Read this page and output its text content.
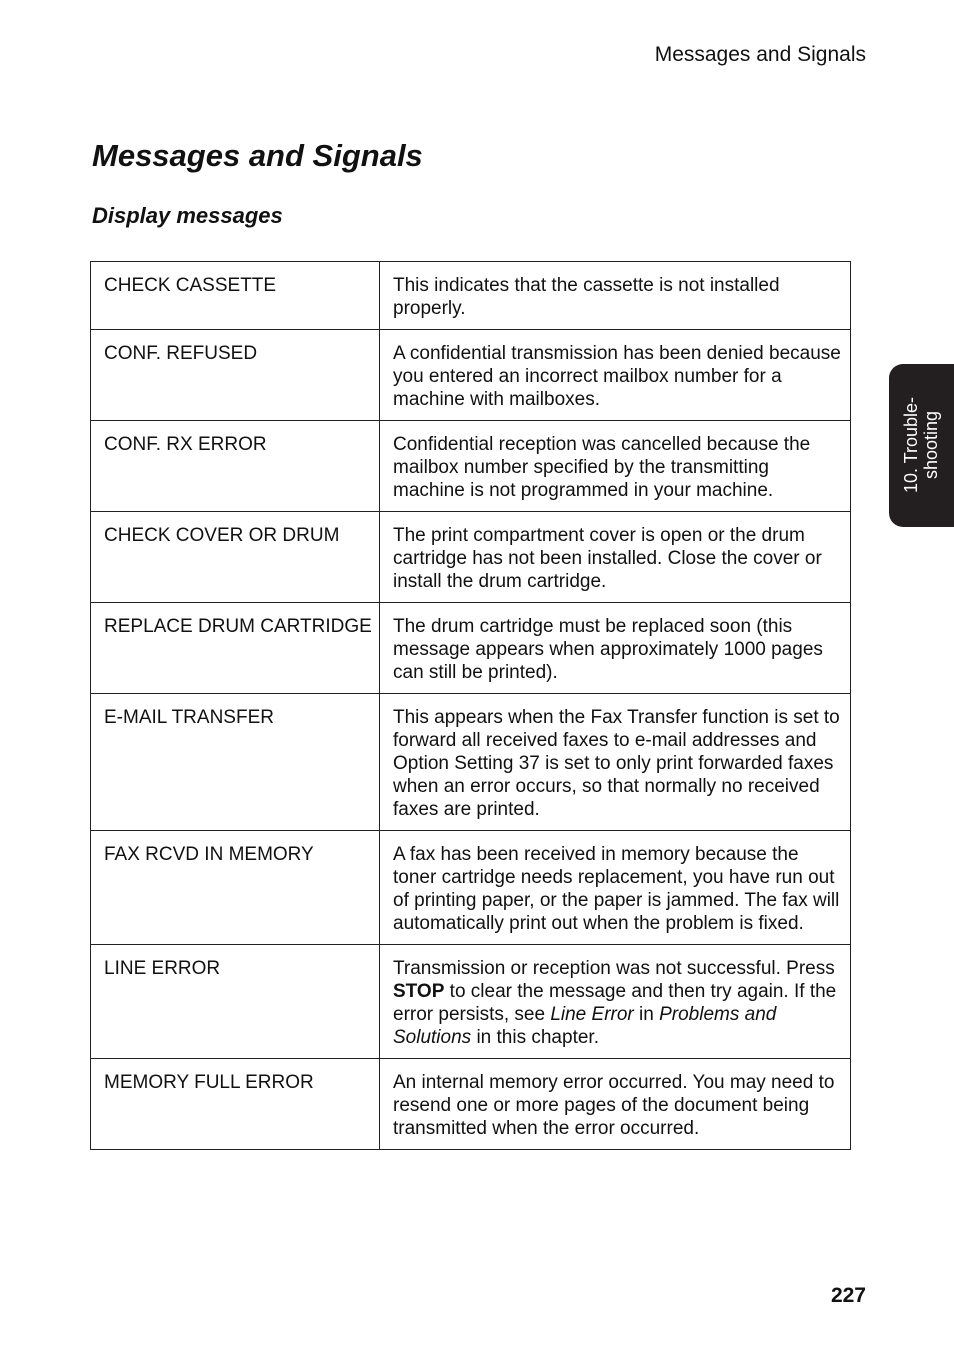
Messages and Signals
Messages and Signals
Display messages
CHECK CASSETTE	This indicates that the cassette is not installed properly.
CONF. REFUSED	A confidential transmission has been denied because you entered an incorrect mailbox number for a machine with mailboxes.
CONF. RX ERROR	Confidential reception was cancelled because the mailbox number specified by the transmitting machine is not programmed in your machine.
CHECK COVER OR DRUM	The print compartment cover is open or the drum cartridge has not been installed. Close the cover or install the drum cartridge.
REPLACE DRUM CARTRIDGE	The drum cartridge must be replaced soon (this message appears when approximately 1000 pages can still be printed).
E-MAIL TRANSFER	This appears when the Fax Transfer function is set to forward all received faxes to e-mail addresses and Option Setting 37 is set to only print forwarded faxes when an error occurs, so that normally no received faxes are printed.
FAX RCVD IN MEMORY	A fax has been received in memory because the toner cartridge needs replacement, you have run out of printing paper, or the paper is jammed. The fax will automatically print out when the problem is fixed.
LINE ERROR	Transmission or reception was not successful. Press STOP to clear the message and then try again. If the error persists, see Line Error in Problems and Solutions in this chapter.
MEMORY FULL ERROR	An internal memory error occurred. You may need to resend one or more pages of the document being transmitted when the error occurred.
10. Trouble- shooting
227
